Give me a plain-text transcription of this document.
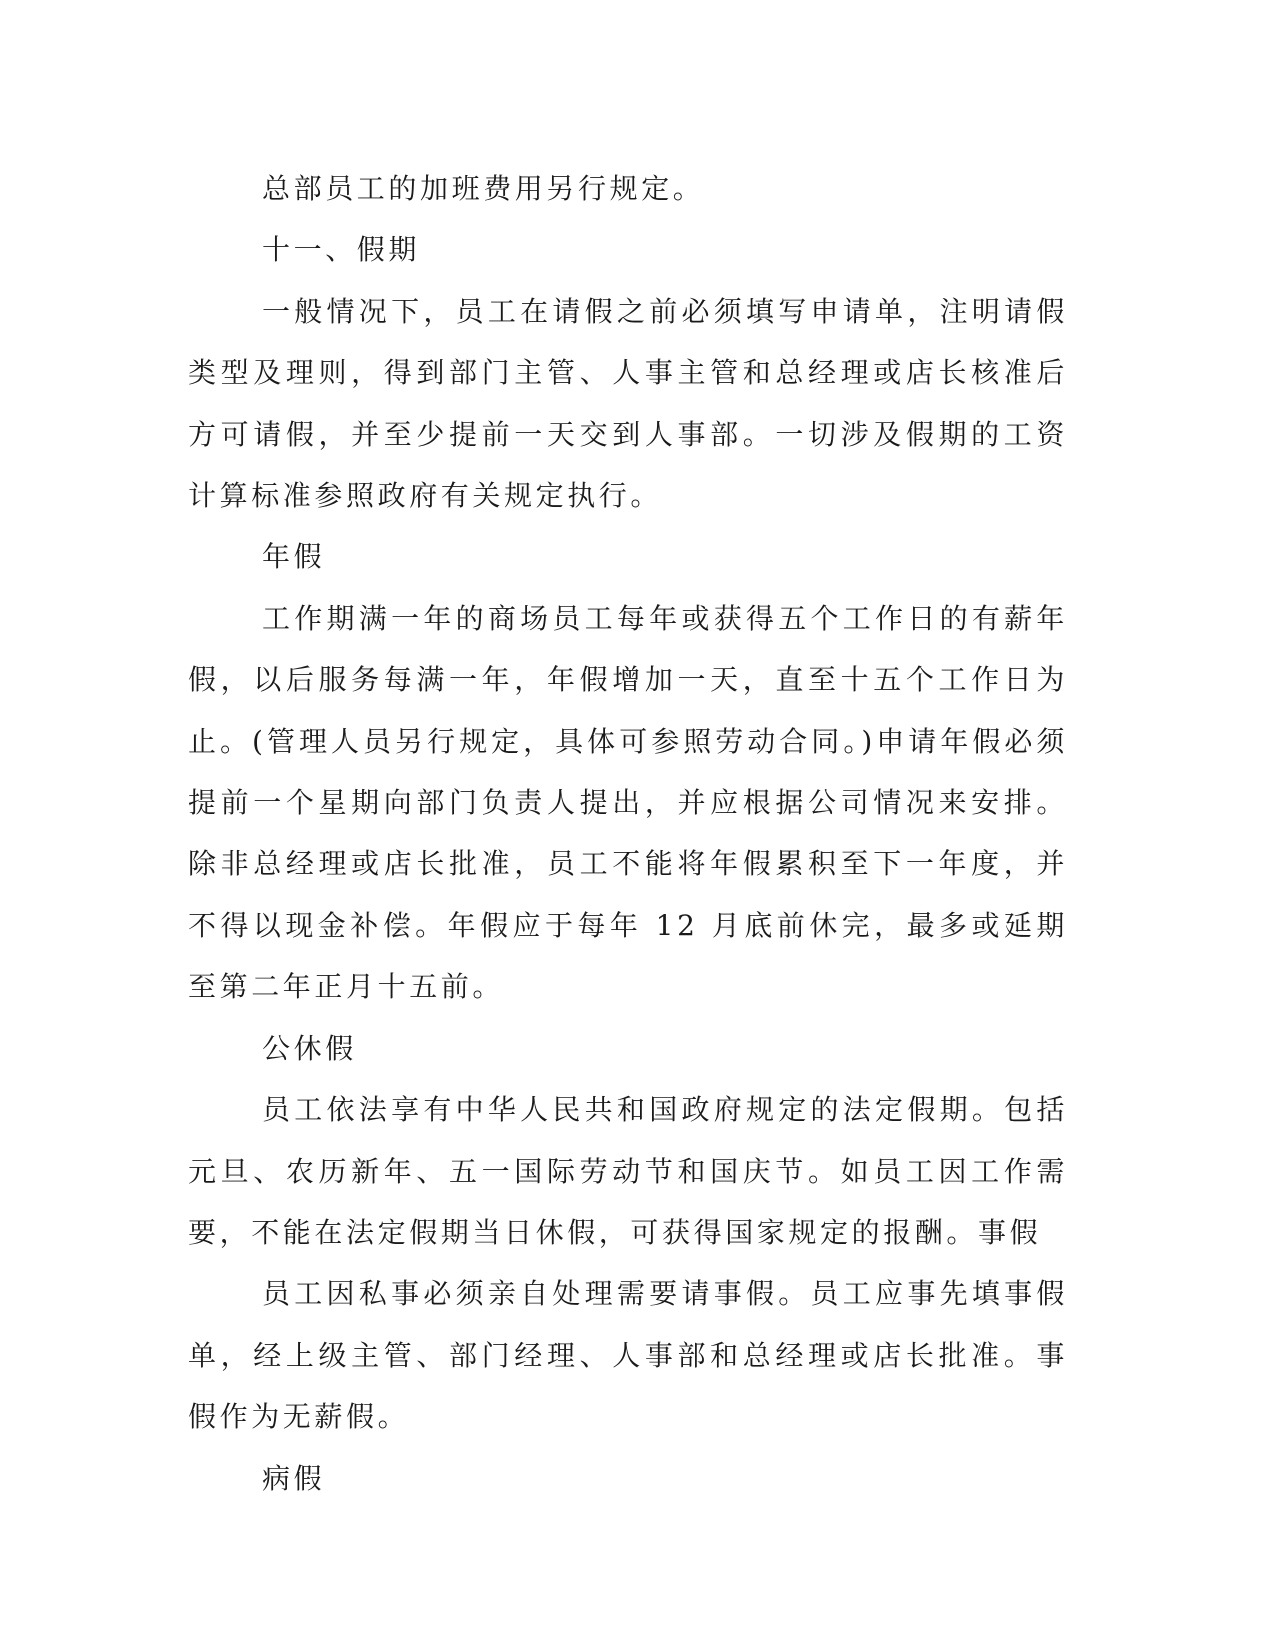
总部员工的加班费用另行规定。

十一、假期

一般情况下，员工在请假之前必须填写申请单，注明请假类型及理则，得到部门主管、人事主管和总经理或店长核准后方可请假，并至少提前一天交到人事部。一切涉及假期的工资计算标准参照政府有关规定执行。

年假

工作期满一年的商场员工每年或获得五个工作日的有薪年假，以后服务每满一年，年假增加一天，直至十五个工作日为止。(管理人员另行规定，具体可参照劳动合同。)申请年假必须提前一个星期向部门负责人提出，并应根据公司情况来安排。除非总经理或店长批准，员工不能将年假累积至下一年度，并不得以现金补偿。年假应于每年 12 月底前休完，最多或延期至第二年正月十五前。

公休假

员工依法享有中华人民共和国政府规定的法定假期。包括元旦、农历新年、五一国际劳动节和国庆节。如员工因工作需要，不能在法定假期当日休假，可获得国家规定的报酬。事假

员工因私事必须亲自处理需要请事假。员工应事先填事假单，经上级主管、部门经理、人事部和总经理或店长批准。事假作为无薪假。

病假
